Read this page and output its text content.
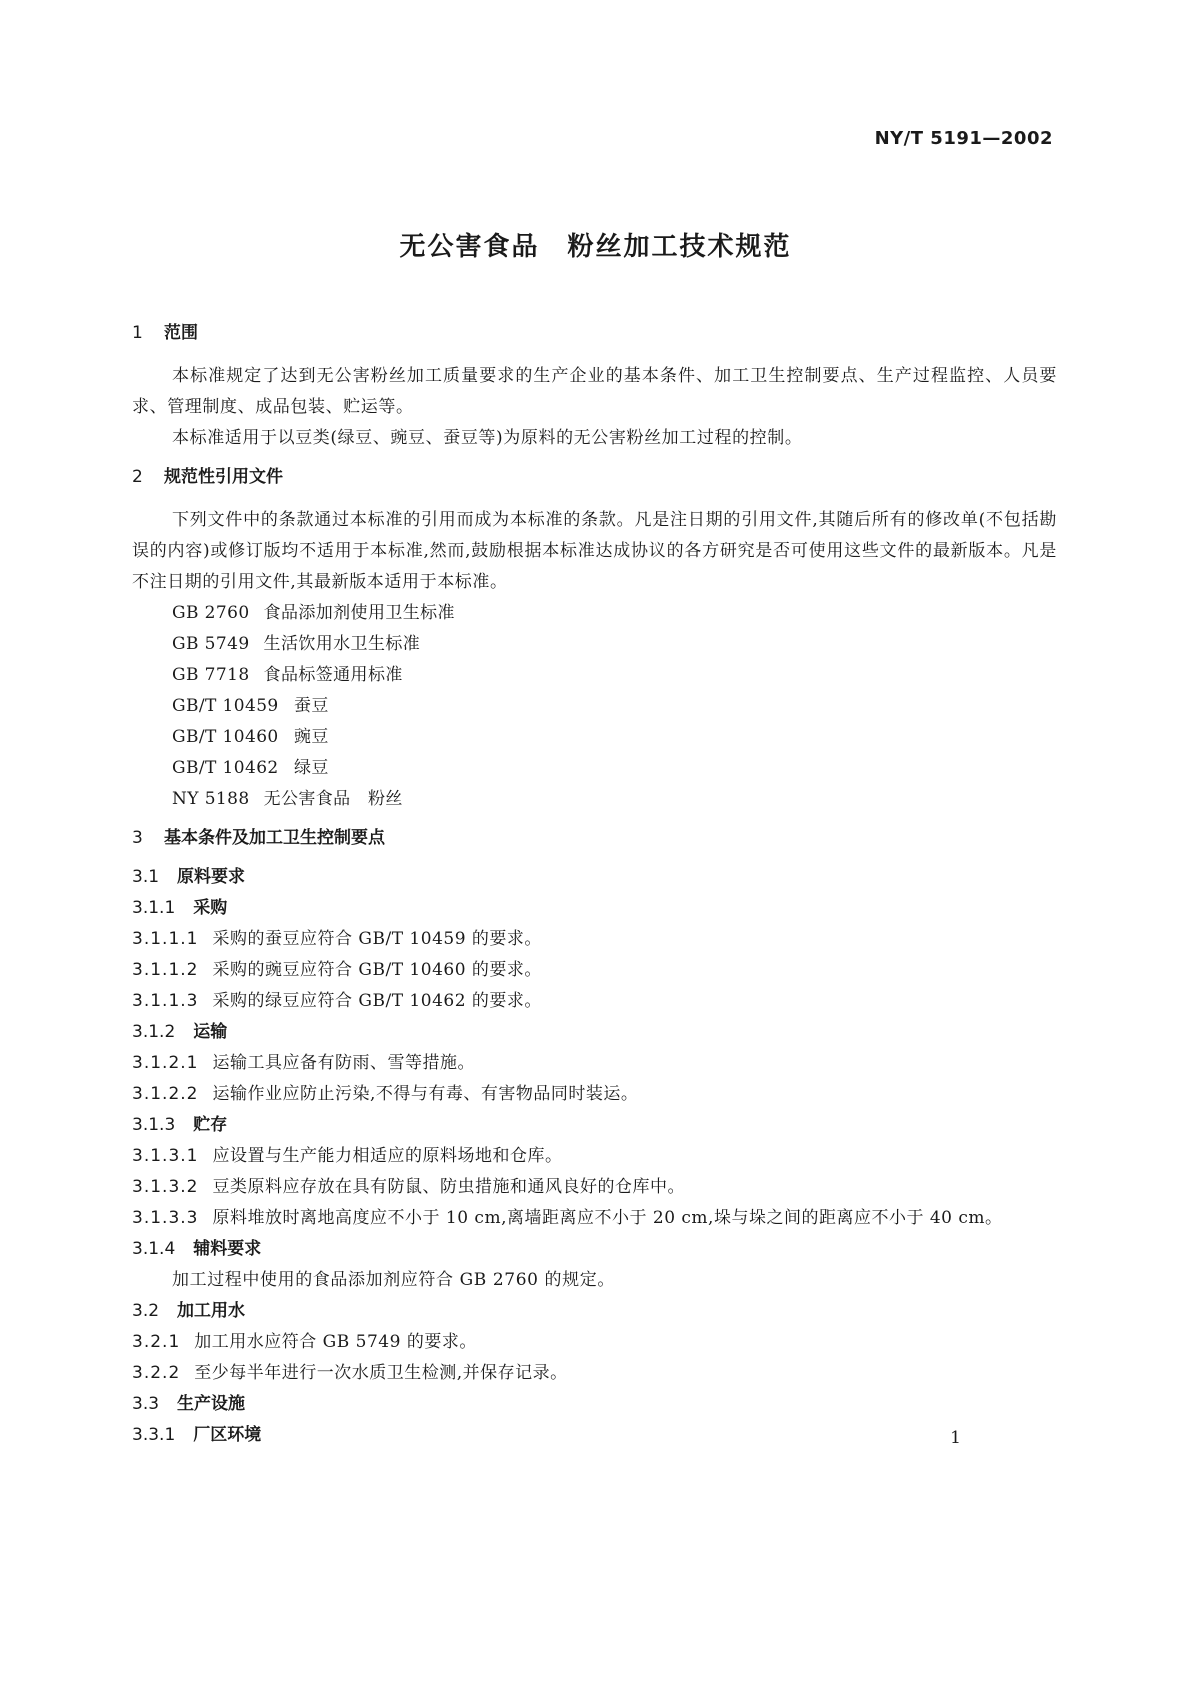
NY/T 5191—2002
无公害食品　粉丝加工技术规范
1 范围

本标准规定了达到无公害粉丝加工质量要求的生产企业的基本条件、加工卫生控制要点、生产过程监控、人员要求、管理制度、成品包装、贮运等。

本标准适用于以豆类(绿豆、豌豆、蚕豆等)为原料的无公害粉丝加工过程的控制。

2 规范性引用文件

下列文件中的条款通过本标准的引用而成为本标准的条款。凡是注日期的引用文件,其随后所有的修改单(不包括勘误的内容)或修订版均不适用于本标准,然而,鼓励根据本标准达成协议的各方研究是否可使用这些文件的最新版本。凡是不注日期的引用文件,其最新版本适用于本标准。

GB 2760 食品添加剂使用卫生标准
GB 5749 生活饮用水卫生标准
GB 7718 食品标签通用标准
GB/T 10459 蚕豆
GB/T 10460 豌豆
GB/T 10462 绿豆
NY 5188 无公害食品　粉丝
3 基本条件及加工卫生控制要点
3.1 原料要求
3.1.1 采购
3.1.1.1 采购的蚕豆应符合 GB/T 10459 的要求。
3.1.1.2 采购的豌豆应符合 GB/T 10460 的要求。
3.1.1.3 采购的绿豆应符合 GB/T 10462 的要求。
3.1.2 运输
3.1.2.1 运输工具应备有防雨、雪等措施。
3.1.2.2 运输作业应防止污染,不得与有毒、有害物品同时装运。
3.1.3 贮存
3.1.3.1 应设置与生产能力相适应的原料场地和仓库。
3.1.3.2 豆类原料应存放在具有防鼠、防虫措施和通风良好的仓库中。
3.1.3.3 原料堆放时离地高度应不小于 10 cm,离墙距离应不小于 20 cm,垛与垛之间的距离应不小于 40 cm。
3.1.4 辅料要求

加工过程中使用的食品添加剂应符合 GB 2760 的规定。

3.2 加工用水
3.2.1 加工用水应符合 GB 5749 的要求。
3.2.2 至少每半年进行一次水质卫生检测,并保存记录。
3.3 生产设施
3.3.1 厂区环境	1
